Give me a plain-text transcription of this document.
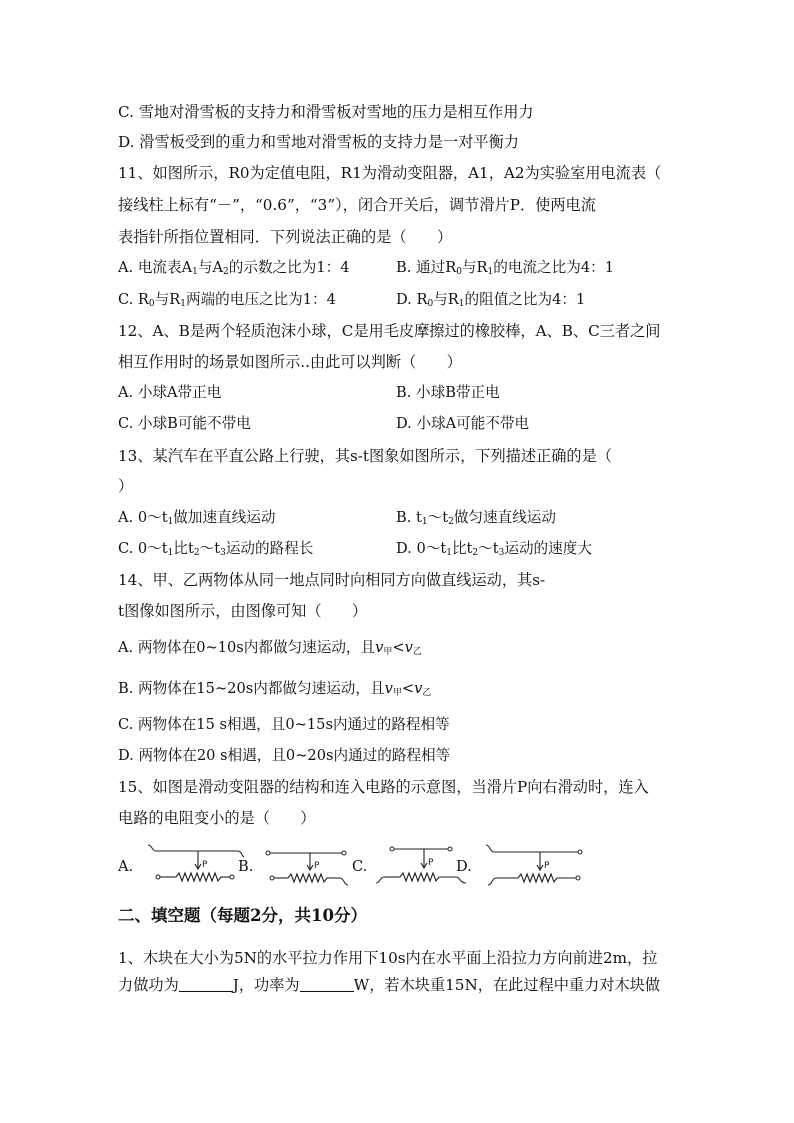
C. 雪地对滑雪板的支持力和滑雪板对雪地的压力是相互作用力
D. 滑雪板受到的重力和雪地对滑雪板的支持力是一对平衡力
11、如图所示，R0为定值电阻，R1为滑动变阻器，A1，A2为实验室用电流表（
接线柱上标有“－”，“0.6”，“3”），闭合开关后，调节滑片P．使两电流
表指针所指位置相同．下列说法正确的是（　　）
A. 电流表$A_1$与$A_2$的示数之比为1：4	B. 通过$R_0$与$R_1$的电流之比为4：1
C. $R_0$与$R_1$两端的电压之比为1：4	D. $R_0$与$R_1$的阻值之比为4：1
12、A、B是两个轻质泡沫小球，C是用毛皮摩擦过的橡胶棒，A、B、C三者之间
相互作用时的场景如图所示..由此可以判断（　　）
A. 小球A带正电	B. 小球B带正电
C. 小球B可能不带电	D. 小球A可能不带电
13、某汽车在平直公路上行驶，其s-t图象如图所示，下列描述正确的是（
）
A. $0\sim t_1$做加速直线运动	B. $t_1\sim t_2$做匀速直线运动
C. $0\sim t_1$比$t_2\sim t_3$运动的路程长	D. $0\sim t_1$比$t_2\sim t_3$运动的速度大
14、甲、乙两物体从同一地点同时向相同方向做直线运动，其s-
t图像如图所示，由图像可知（　　）
A. 两物体在0~10s内都做匀速运动，且$v_甲<v_乙$
B. 两物体在15~20s内都做匀速运动，且$v_甲<v_乙$
C. 两物体在15 s相遇，且0~15s内通过的路程相等
D. 两物体在20 s相遇，且0~20s内通过的路程相等
15、如图是滑动变阻器的结构和连入电路的示意图，当滑片P向右滑动时，连入
电路的电阻变小的是（　　）
A.	P B.	P C.	P D.	P
二、填空题（每题2分，共10分）
1、木块在大小为5N的水平拉力作用下10s内在水平面上沿拉力方向前进2m，拉
力做功为	J，功率为	W，若木块重15N，在此过程中重力对木块做
